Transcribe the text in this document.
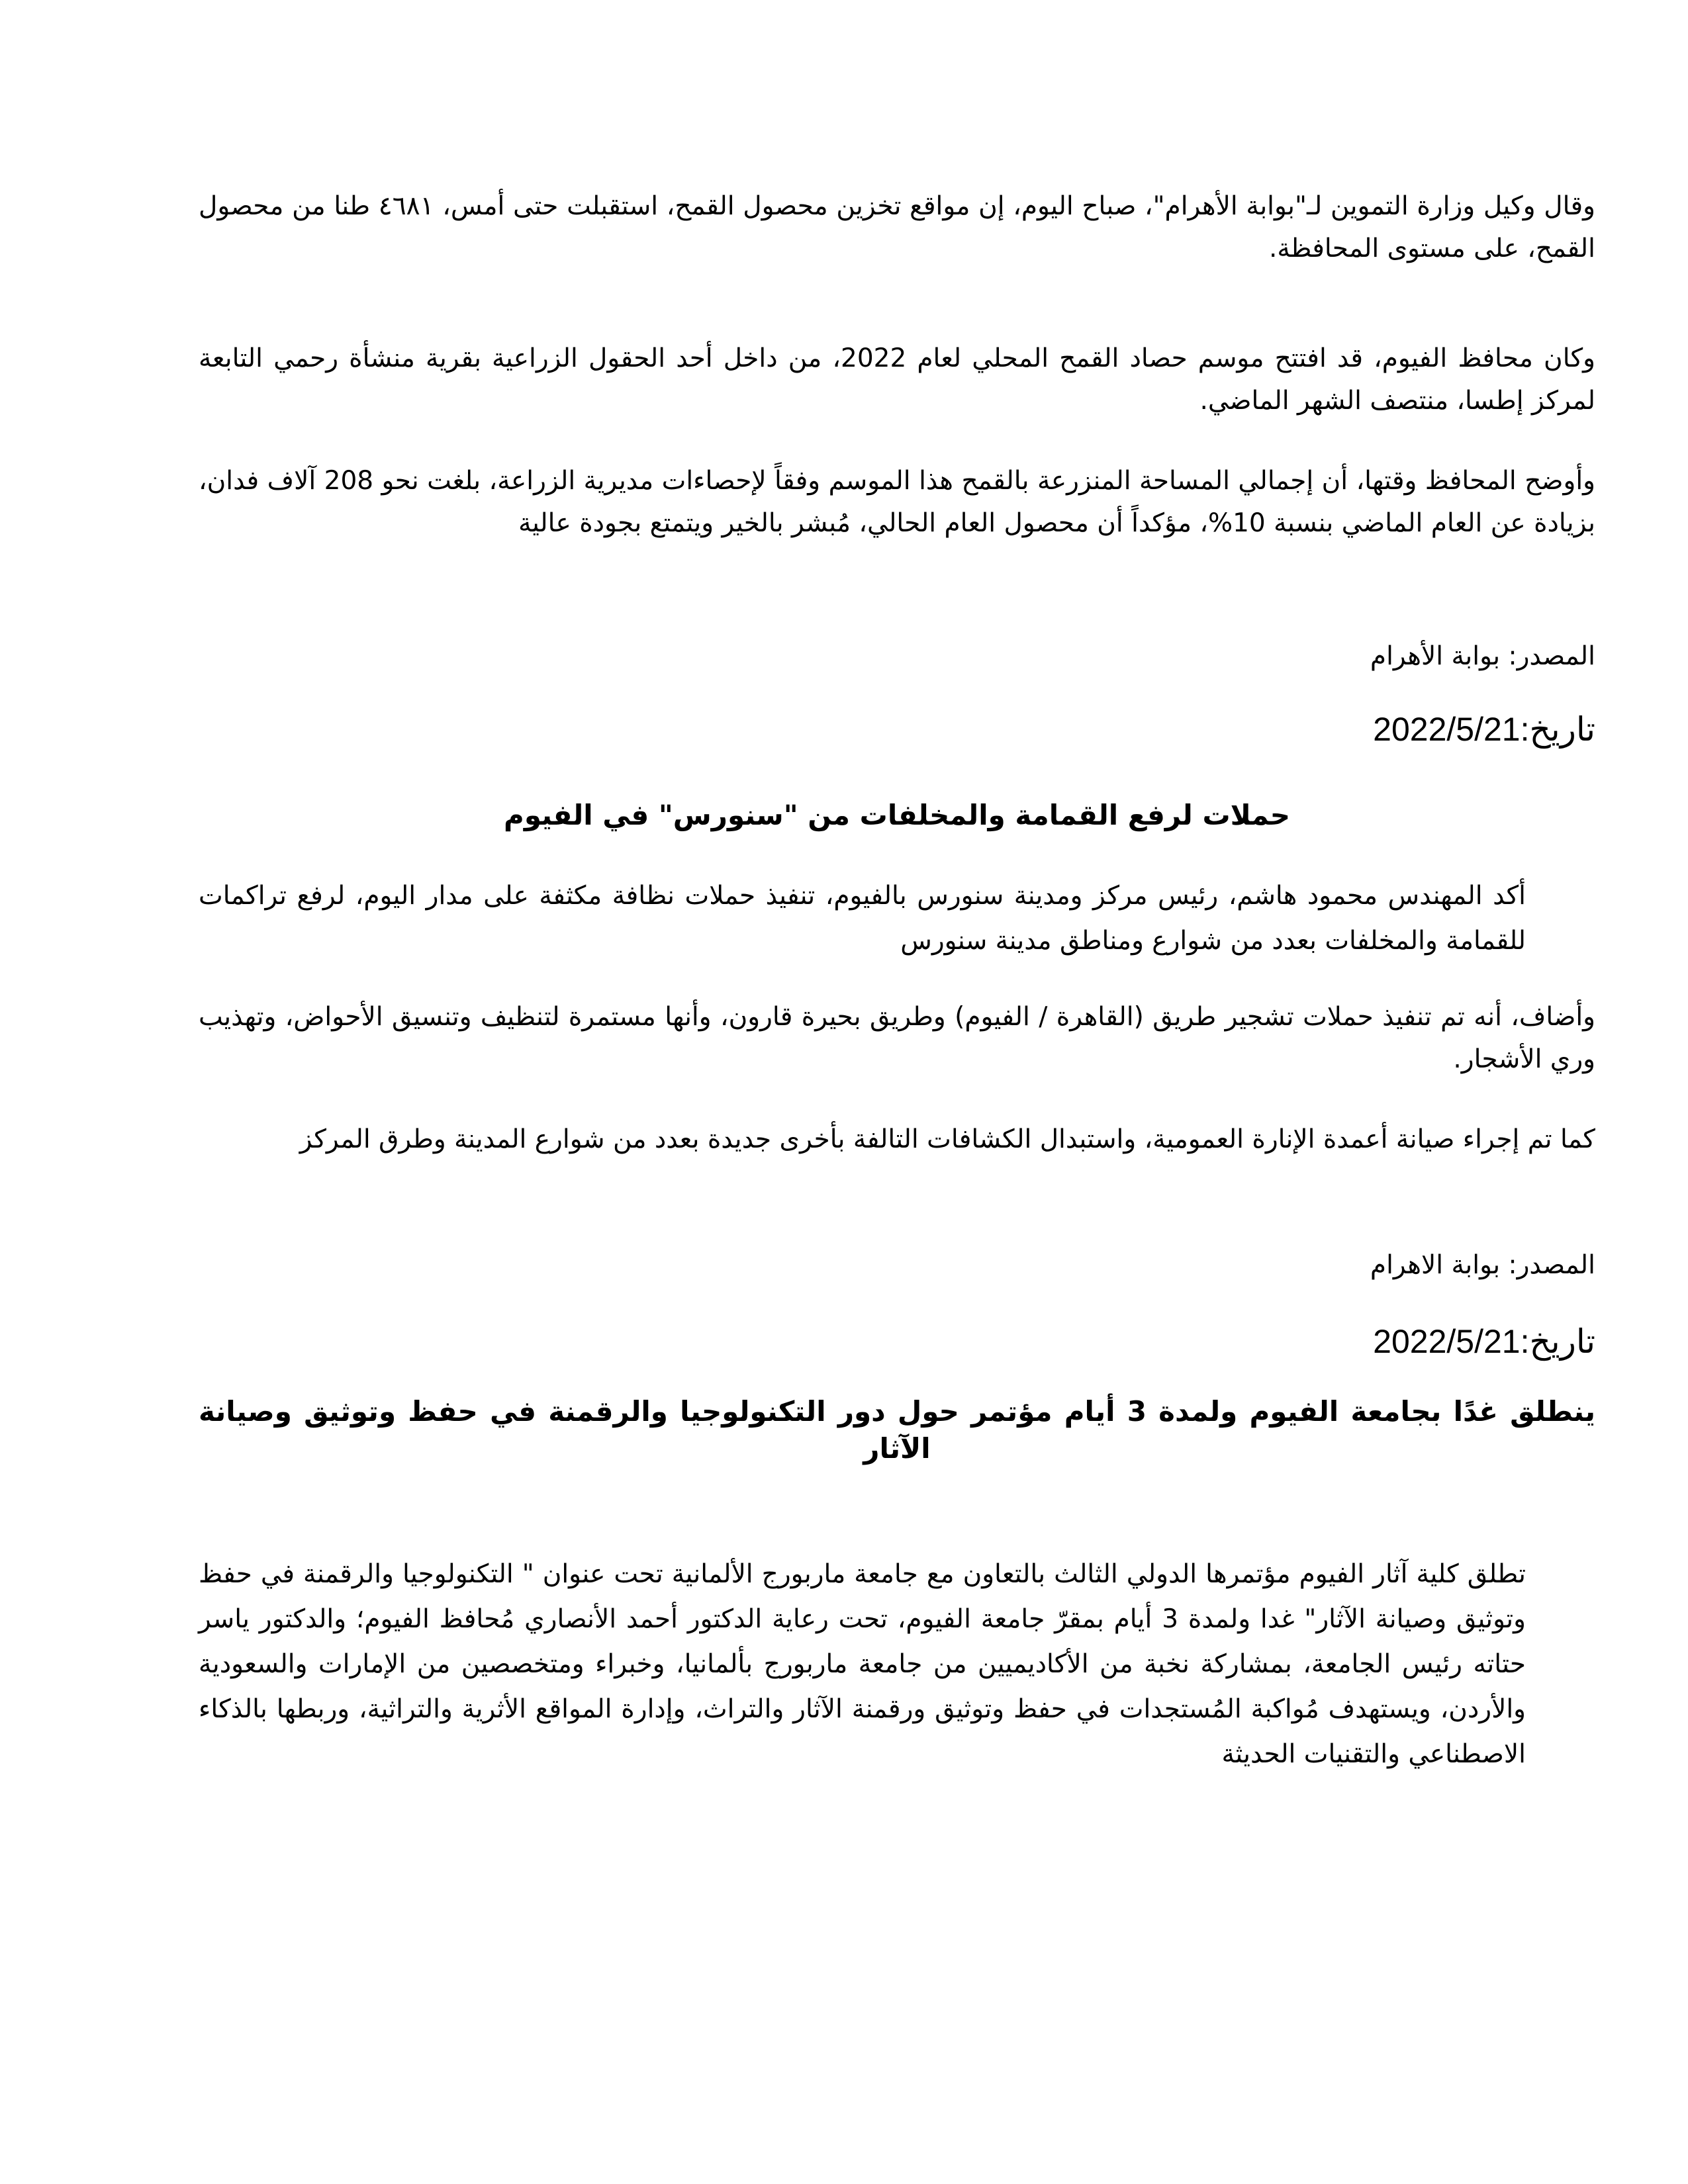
وقال وكيل وزارة التموين لـ"بوابة الأهرام"، صباح اليوم، إن مواقع تخزين محصول القمح، استقبلت حتى أمس، ٤٦٨١ طنا من محصول القمح، على مستوى المحافظة.

وكان محافظ الفيوم، قد افتتح موسم حصاد القمح المحلي لعام 2022، من داخل أحد الحقول الزراعية بقرية منشأة رحمي التابعة لمركز إطسا، منتصف الشهر الماضي.

وأوضح المحافظ وقتها، أن إجمالي المساحة المنزرعة بالقمح هذا الموسم وفقاً لإحصاءات مديرية الزراعة، بلغت نحو 208 آلاف فدان، بزيادة عن العام الماضي بنسبة 10%، مؤكداً أن محصول العام الحالي، مُبشر بالخير ويتمتع بجودة عالية

المصدر: بوابة الأهرام

تاريخ:2022/5/21

حملات لرفع القمامة والمخلفات من "سنورس" في الفيوم

أكد المهندس محمود هاشم، رئيس مركز ومدينة سنورس بالفيوم، تنفيذ حملات نظافة مكثفة على مدار اليوم، لرفع تراكمات للقمامة والمخلفات بعدد من شوارع ومناطق مدينة سنورس

وأضاف، أنه تم تنفيذ حملات تشجير طريق (القاهرة / الفيوم) وطريق بحيرة قارون، وأنها مستمرة لتنظيف وتنسيق الأحواض، وتهذيب وري الأشجار.

كما تم إجراء صيانة أعمدة الإنارة العمومية، واستبدال الكشافات التالفة بأخرى جديدة بعدد من شوارع المدينة وطرق المركز

المصدر: بوابة الاهرام

تاريخ:2022/5/21

ينطلق غدًا بجامعة الفيوم ولمدة 3 أيام مؤتمر حول دور التكنولوجيا والرقمنة في حفظ وتوثيق وصيانة الآثار

تطلق كلية آثار الفيوم مؤتمرها الدولي الثالث بالتعاون مع جامعة ماربورج الألمانية تحت عنوان " التكنولوجيا والرقمنة في حفظ وتوثيق وصيانة الآثار" غدا ولمدة 3 أيام بمقرّ جامعة الفيوم، تحت رعاية الدكتور أحمد الأنصاري مُحافظ الفيوم؛ والدكتور ياسر حتاته رئيس الجامعة، بمشاركة نخبة من الأكاديميين من جامعة ماربورج بألمانيا، وخبراء ومتخصصين من الإمارات والسعودية والأردن، ويستهدف مُواكبة المُستجدات في حفظ وتوثيق ورقمنة الآثار والتراث، وإدارة المواقع الأثرية والتراثية، وربطها بالذكاء الاصطناعي والتقنيات الحديثة
